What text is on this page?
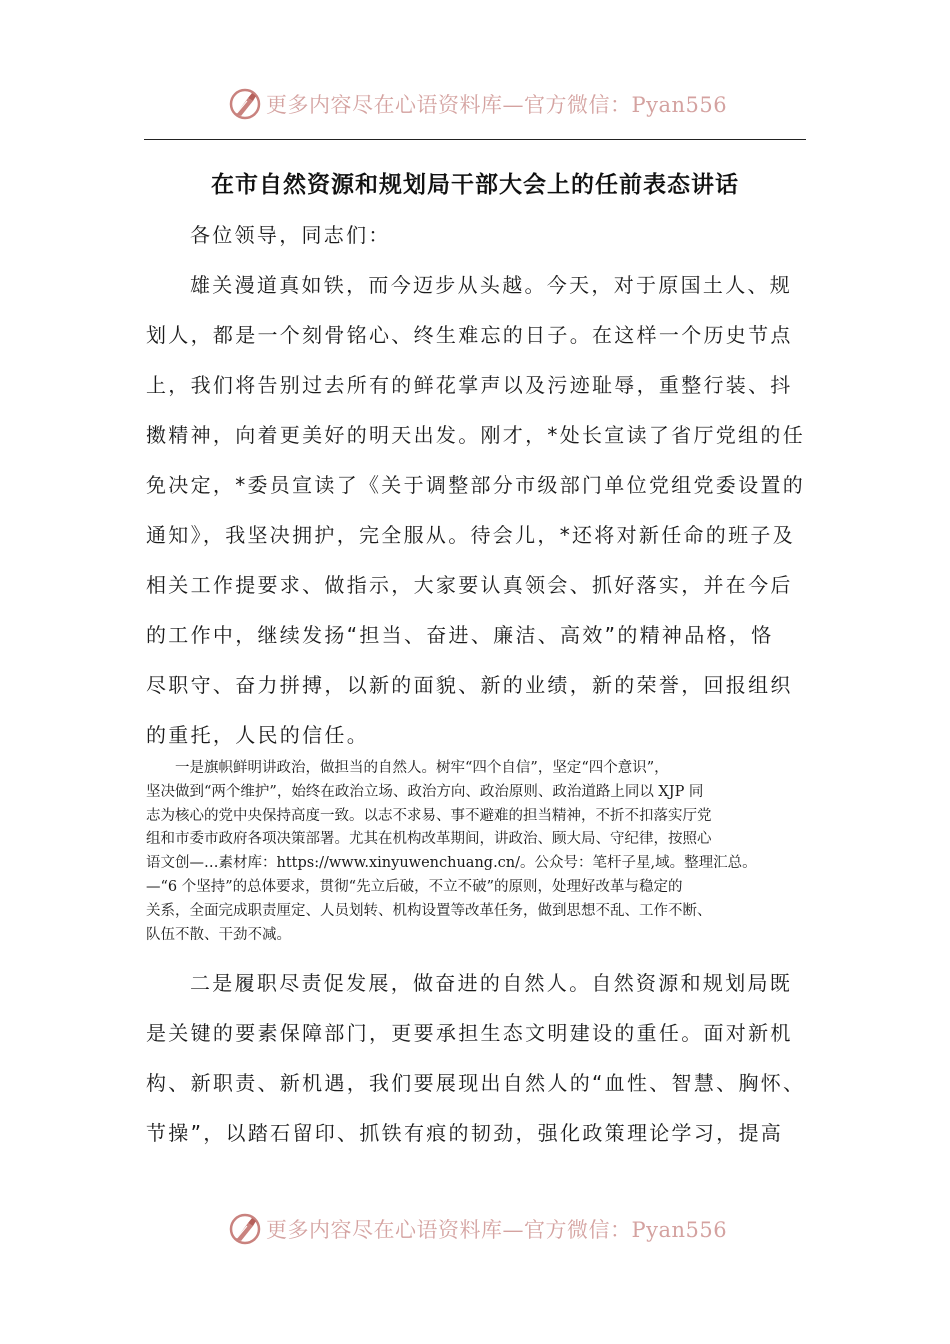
更多内容尽在心语资料库—官方微信：Pyan556
在市自然资源和规划局干部大会上的任前表态讲话
各位领导，同志们：
雄关漫道真如铁，而今迈步从头越。今天，对于原国土人、规
划人，都是一个刻骨铭心、终生难忘的日子。在这样一个历史节点
上，我们将告别过去所有的鲜花掌声以及污迹耻辱，重整行装、抖
擞精神，向着更美好的明天出发。刚才，*处长宣读了省厅党组的任
免决定，*委员宣读了《关于调整部分市级部门单位党组党委设置的
通知》，我坚决拥护，完全服从。待会儿，*还将对新任命的班子及
相关工作提要求、做指示，大家要认真领会、抓好落实，并在今后
的工作中，继续发扬“担当、奋进、廉洁、高效”的精神品格，恪
尽职守、奋力拼搏，以新的面貌、新的业绩，新的荣誉，回报组织
的重托，人民的信任。
　　一是旗帜鲜明讲政治，做担当的自然人。树牢“四个自信”，坚定“四个意识”，
坚决做到“两个维护”，始终在政治立场、政治方向、政治原则、政治道路上同以 XJP 同
志为核心的党中央保持高度一致。以志不求易、事不避难的担当精神，不折不扣落实厅党
组和市委市政府各项决策部署。尤其在机构改革期间，讲政治、顾大局、守纪律，按照心
语文创—…素材库：https://www.xinyuwenchuang.cn/。公众号：笔杆子星,域。整理汇总。
—“6 个坚持”的总体要求，贯彻“先立后破，不立不破”的原则，处理好改革与稳定的
关系，全面完成职责厘定、人员划转、机构设置等改革任务，做到思想不乱、工作不断、
队伍不散、干劲不减。
二是履职尽责促发展，做奋进的自然人。自然资源和规划局既
是关键的要素保障部门，更要承担生态文明建设的重任。面对新机
构、新职责、新机遇，我们要展现出自然人的“血性、智慧、胸怀、
节操”，以踏石留印、抓铁有痕的韧劲，强化政策理论学习，提高
更多内容尽在心语资料库—官方微信：Pyan556
